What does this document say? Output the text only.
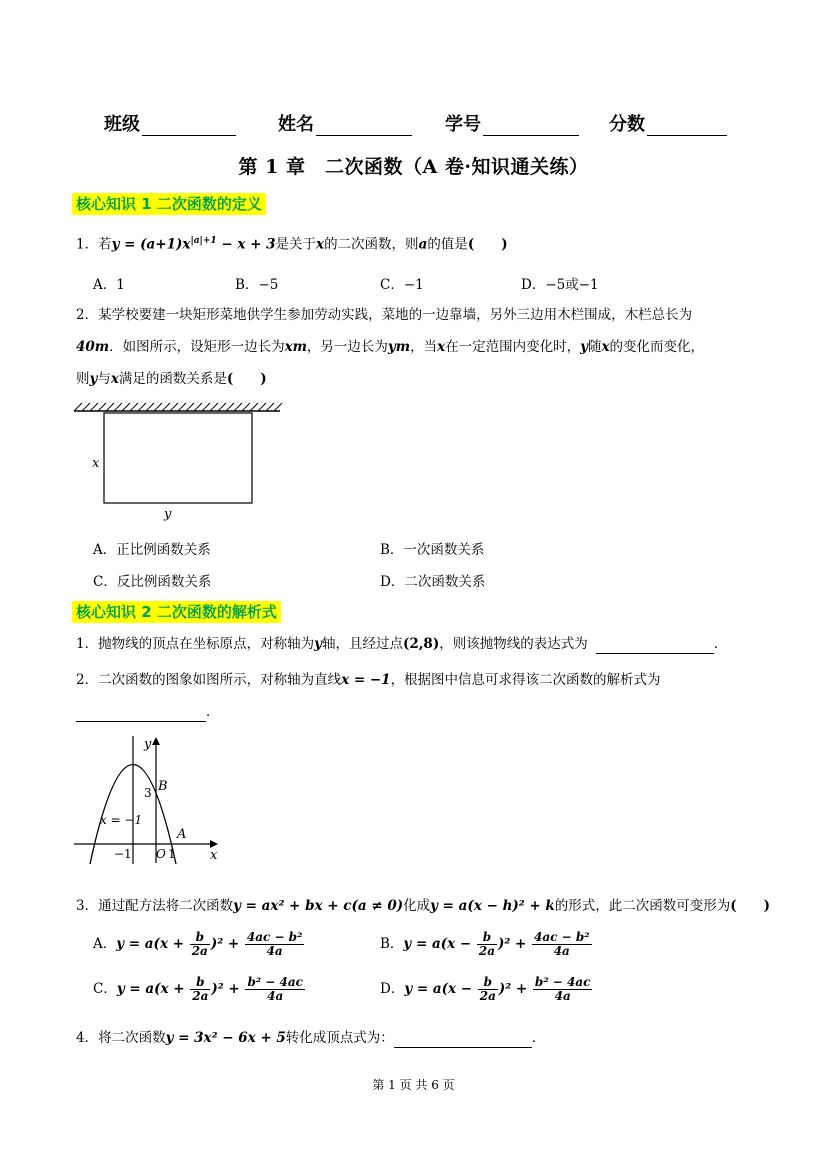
班级	姓名	学号	分数
第 1 章　二次函数（A 卷·知识通关练）
核心知识 1 二次函数的定义
1．若$y = (a+1)x^{|a|+1} - x + 3$是关于x的二次函数，则a的值是(　　)
A．1	B．−5	C．−1	D．−5或−1
2．某学校要建一块矩形菜地供学生参加劳动实践，菜地的一边靠墙，另外三边用木栏围成，木栏总长为
40m．如图所示，设矩形一边长为xm，另一边长为ym，当x在一定范围内变化时，y随x的变化而变化，
则y与x满足的函数关系是(　　)
x
y
A．正比例函数关系	B．一次函数关系
C．反比例函数关系	D．二次函数关系
核心知识 2 二次函数的解析式
1．抛物线的顶点在坐标原点，对称轴为y轴，且经过点(2,8)，则该抛物线的表达式为	．
2．二次函数的图象如图所示，对称轴为直线x = −1，根据图中信息可求得该二次函数的解析式为
．
y
x
B
3
A
x = −1
−1 O 1
3．通过配方法将二次函数y = ax² + bx + c(a ≠ 0)化成y = a(x − h)² + k的形式，此二次函数可变形为(　　)
A．$y = a(x + \frac{b}{2a} )^2 + \frac{\text{4ac − b²}}{4a}$	B．$y = a(x - \frac{b}{2a} )^2 + \frac{\text{4ac − b²}}{4a}$
C．$y = a(x + \frac{b}{2a} )^2 + \frac{\text{b² − 4ac}}{4a}$	D．$y = a(x - \frac{b}{2a} )^2 + \frac{\text{b² − 4ac}}{4a}$
4．将二次函数y = 3x² − 6x + 5转化成顶点式为：	．
第 1 页 共 6 页
